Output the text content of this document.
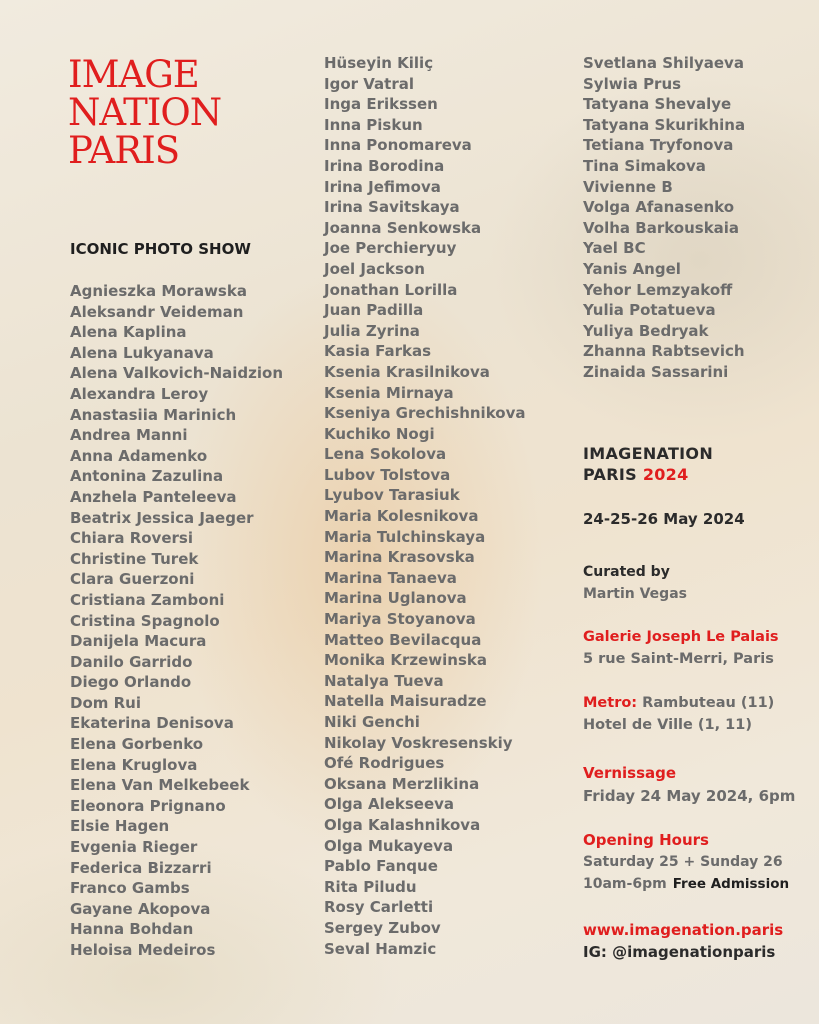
IMAGE
NATION
PARIS
ICONIC PHOTO SHOW
Agnieszka Morawska
Aleksandr Veideman
Alena Kaplina
Alena Lukyanava
Alena Valkovich-Naidzion
Alexandra Leroy
Anastasiia Marinich
Andrea Manni
Anna Adamenko
Antonina Zazulina
Anzhela Panteleeva
Beatrix Jessica Jaeger
Chiara Roversi
Christine Turek
Clara Guerzoni
Cristiana Zamboni
Cristina Spagnolo
Danijela Macura
Danilo Garrido
Diego Orlando
Dom Rui
Ekaterina Denisova
Elena Gorbenko
Elena Kruglova
Elena Van Melkebeek
Eleonora Prignano
Elsie Hagen
Evgenia Rieger
Federica Bizzarri
Franco Gambs
Gayane Akopova
Hanna Bohdan
Heloisa Medeiros
Hüseyin Kiliç
Igor Vatral
Inga Erikssen
Inna Piskun
Inna Ponomareva
Irina Borodina
Irina Jefimova
Irina Savitskaya
Joanna Senkowska
Joe Perchieryuy
Joel Jackson
Jonathan Lorilla
Juan Padilla
Julia Zyrina
Kasia Farkas
Ksenia Krasilnikova
Ksenia Mirnaya
Kseniya Grechishnikova
Kuchiko Nogi
Lena Sokolova
Lubov Tolstova
Lyubov Tarasiuk
Maria Kolesnikova
Maria Tulchinskaya
Marina Krasovska
Marina Tanaeva
Marina Uglanova
Mariya Stoyanova
Matteo Bevilacqua
Monika Krzewinska
Natalya Tueva
Natella Maisuradze
Niki Genchi
Nikolay Voskresenskiy
Ofé Rodrigues
Oksana Merzlikina
Olga Alekseeva
Olga Kalashnikova
Olga Mukayeva
Pablo Fanque
Rita Piludu
Rosy Carletti
Sergey Zubov
Seval Hamzic
Svetlana Shilyaeva
Sylwia Prus
Tatyana Shevalye
Tatyana Skurikhina
Tetiana Tryfonova
Tina Simakova
Vivienne B
Volga Afanasenko
Volha Barkouskaia
Yael BC
Yanis Angel
Yehor Lemzyakoff
Yulia Potatueva
Yuliya Bedryak
Zhanna Rabtsevich
Zinaida Sassarini
IMAGENATION
PARIS 2024
24-25-26 May 2024
Curated by
Martin Vegas
Galerie Joseph Le Palais
5 rue Saint-Merri, Paris
Metro: Rambuteau (11)
Hotel de Ville (1, 11)
Vernissage
Friday 24 May 2024, 6pm
Opening Hours
Saturday 25 + Sunday 26
10am-6pm Free Admission
www.imagenation.paris
IG: @imagenationparis
